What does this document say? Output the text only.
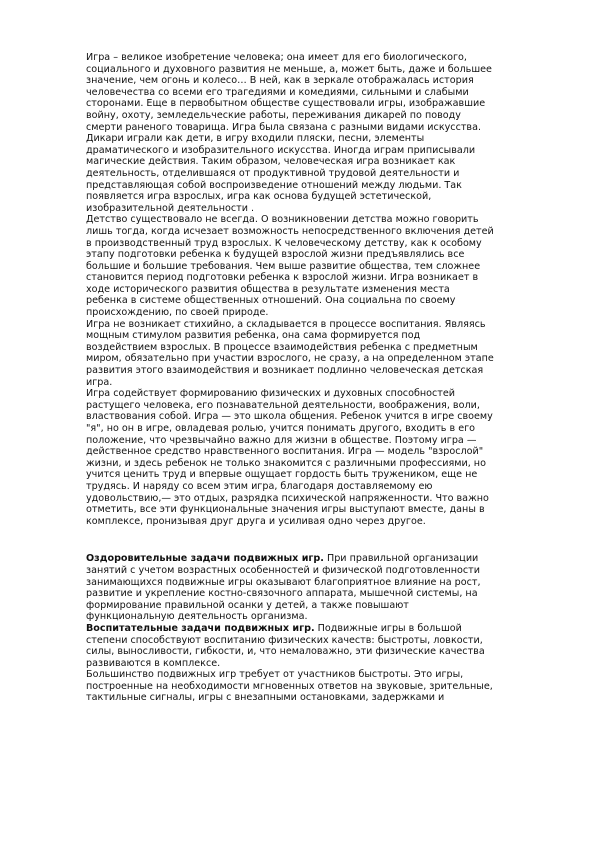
Игра – великое изобретение человека; она имеет для его биологического,
социального и духовного развития не меньше, а, может быть, даже и большее
значение, чем огонь и колесо… В ней, как в зеркале отображалась история
человечества со всеми его трагедиями и комедиями, сильными и слабыми
сторонами. Еще в первобытном обществе существовали игры, изображавшие
войну, охоту, земледельческие работы, переживания дикарей по поводу
смерти раненого товарища. Игра была связана с разными видами искусства.
Дикари играли как дети, в игру входили пляски, песни, элементы
драматического и изобразительного искусства. Иногда играм приписывали
магические действия. Таким образом, человеческая игра возникает как
деятельность, отделившаяся от продуктивной трудовой деятельности и
представляющая собой воспроизведение отношений между людьми. Так
появляется игра взрослых, игра как основа будущей эстетической,
изобразительной деятельности .

Детство существовало не всегда. О возникновении детства можно говорить
лишь тогда, когда исчезает возможность непосредственного включения детей
в производственный труд взрослых. К человеческому детству, как к особому
этапу подготовки ребенка к будущей взрослой жизни предъявлялись все
большие и большие требования. Чем выше развитие общества, тем сложнее
становится период подготовки ребенка к взрослой жизни. Игра возникает в
ходе исторического развития общества в результате изменения места
ребенка в системе общественных отношений. Она социальна по своему
происхождению, по своей природе.

Игра не возникает стихийно, а складывается в процессе воспитания. Являясь
мощным стимулом развития ребенка, она сама формируется под
воздействием взрослых. В процессе взаимодействия ребенка с предметным
миром, обязательно при участии взрослого, не сразу, а на определенном этапе
развития этого взаимодействия и возникает подлинно человеческая детская
игра.

Игра содействует формированию физических и духовных способностей
растущего человека, его познавательной деятельности, воображения, воли,
властвования собой. Игра — это школа общения. Ребенок учится в игре своему
"я", но он в игре, овладевая ролью, учится понимать другого, входить в его
положение, что чрезвычайно важно для жизни в обществе. Поэтому игра —
действенное средство нравственного воспитания. Игра — модель "взрослой"
жизни, и здесь ребенок не только знакомится с различными профессиями, но
учится ценить труд и впервые ощущает гордость быть тружеником, еще не
трудясь. И наряду со всем этим игра, благодаря доставляемому ею
удовольствию,— это отдых, разрядка психической напряженности. Что важно
отметить, все эти функциональные значения игры выступают вместе, даны в
комплексе, пронизывая друг друга и усиливая одно через другое.

Оздоровительные задачи подвижных игр. При правильной организации
занятий с учетом возрастных особенностей и физической подготовленности
занимающихся подвижные игры оказывают благоприятное влияние на рост,
развитие и укрепление костно-связочного аппарата, мышечной системы, на
формирование правильной осанки у детей, а также повышают
функциональную деятельность организма.

Воспитательные задачи подвижных игр. Подвижные игры в большой
степени способствуют воспитанию физических качеств: быстроты, ловкости,
силы, выносливости, гибкости, и, что немаловажно, эти физические качества
развиваются в комплексе.

Большинство подвижных игр требует от участников быстроты. Это игры,
построенные на необходимости мгновенных ответов на звуковые, зрительные,
тактильные сигналы, игры с внезапными остановками, задержками и
